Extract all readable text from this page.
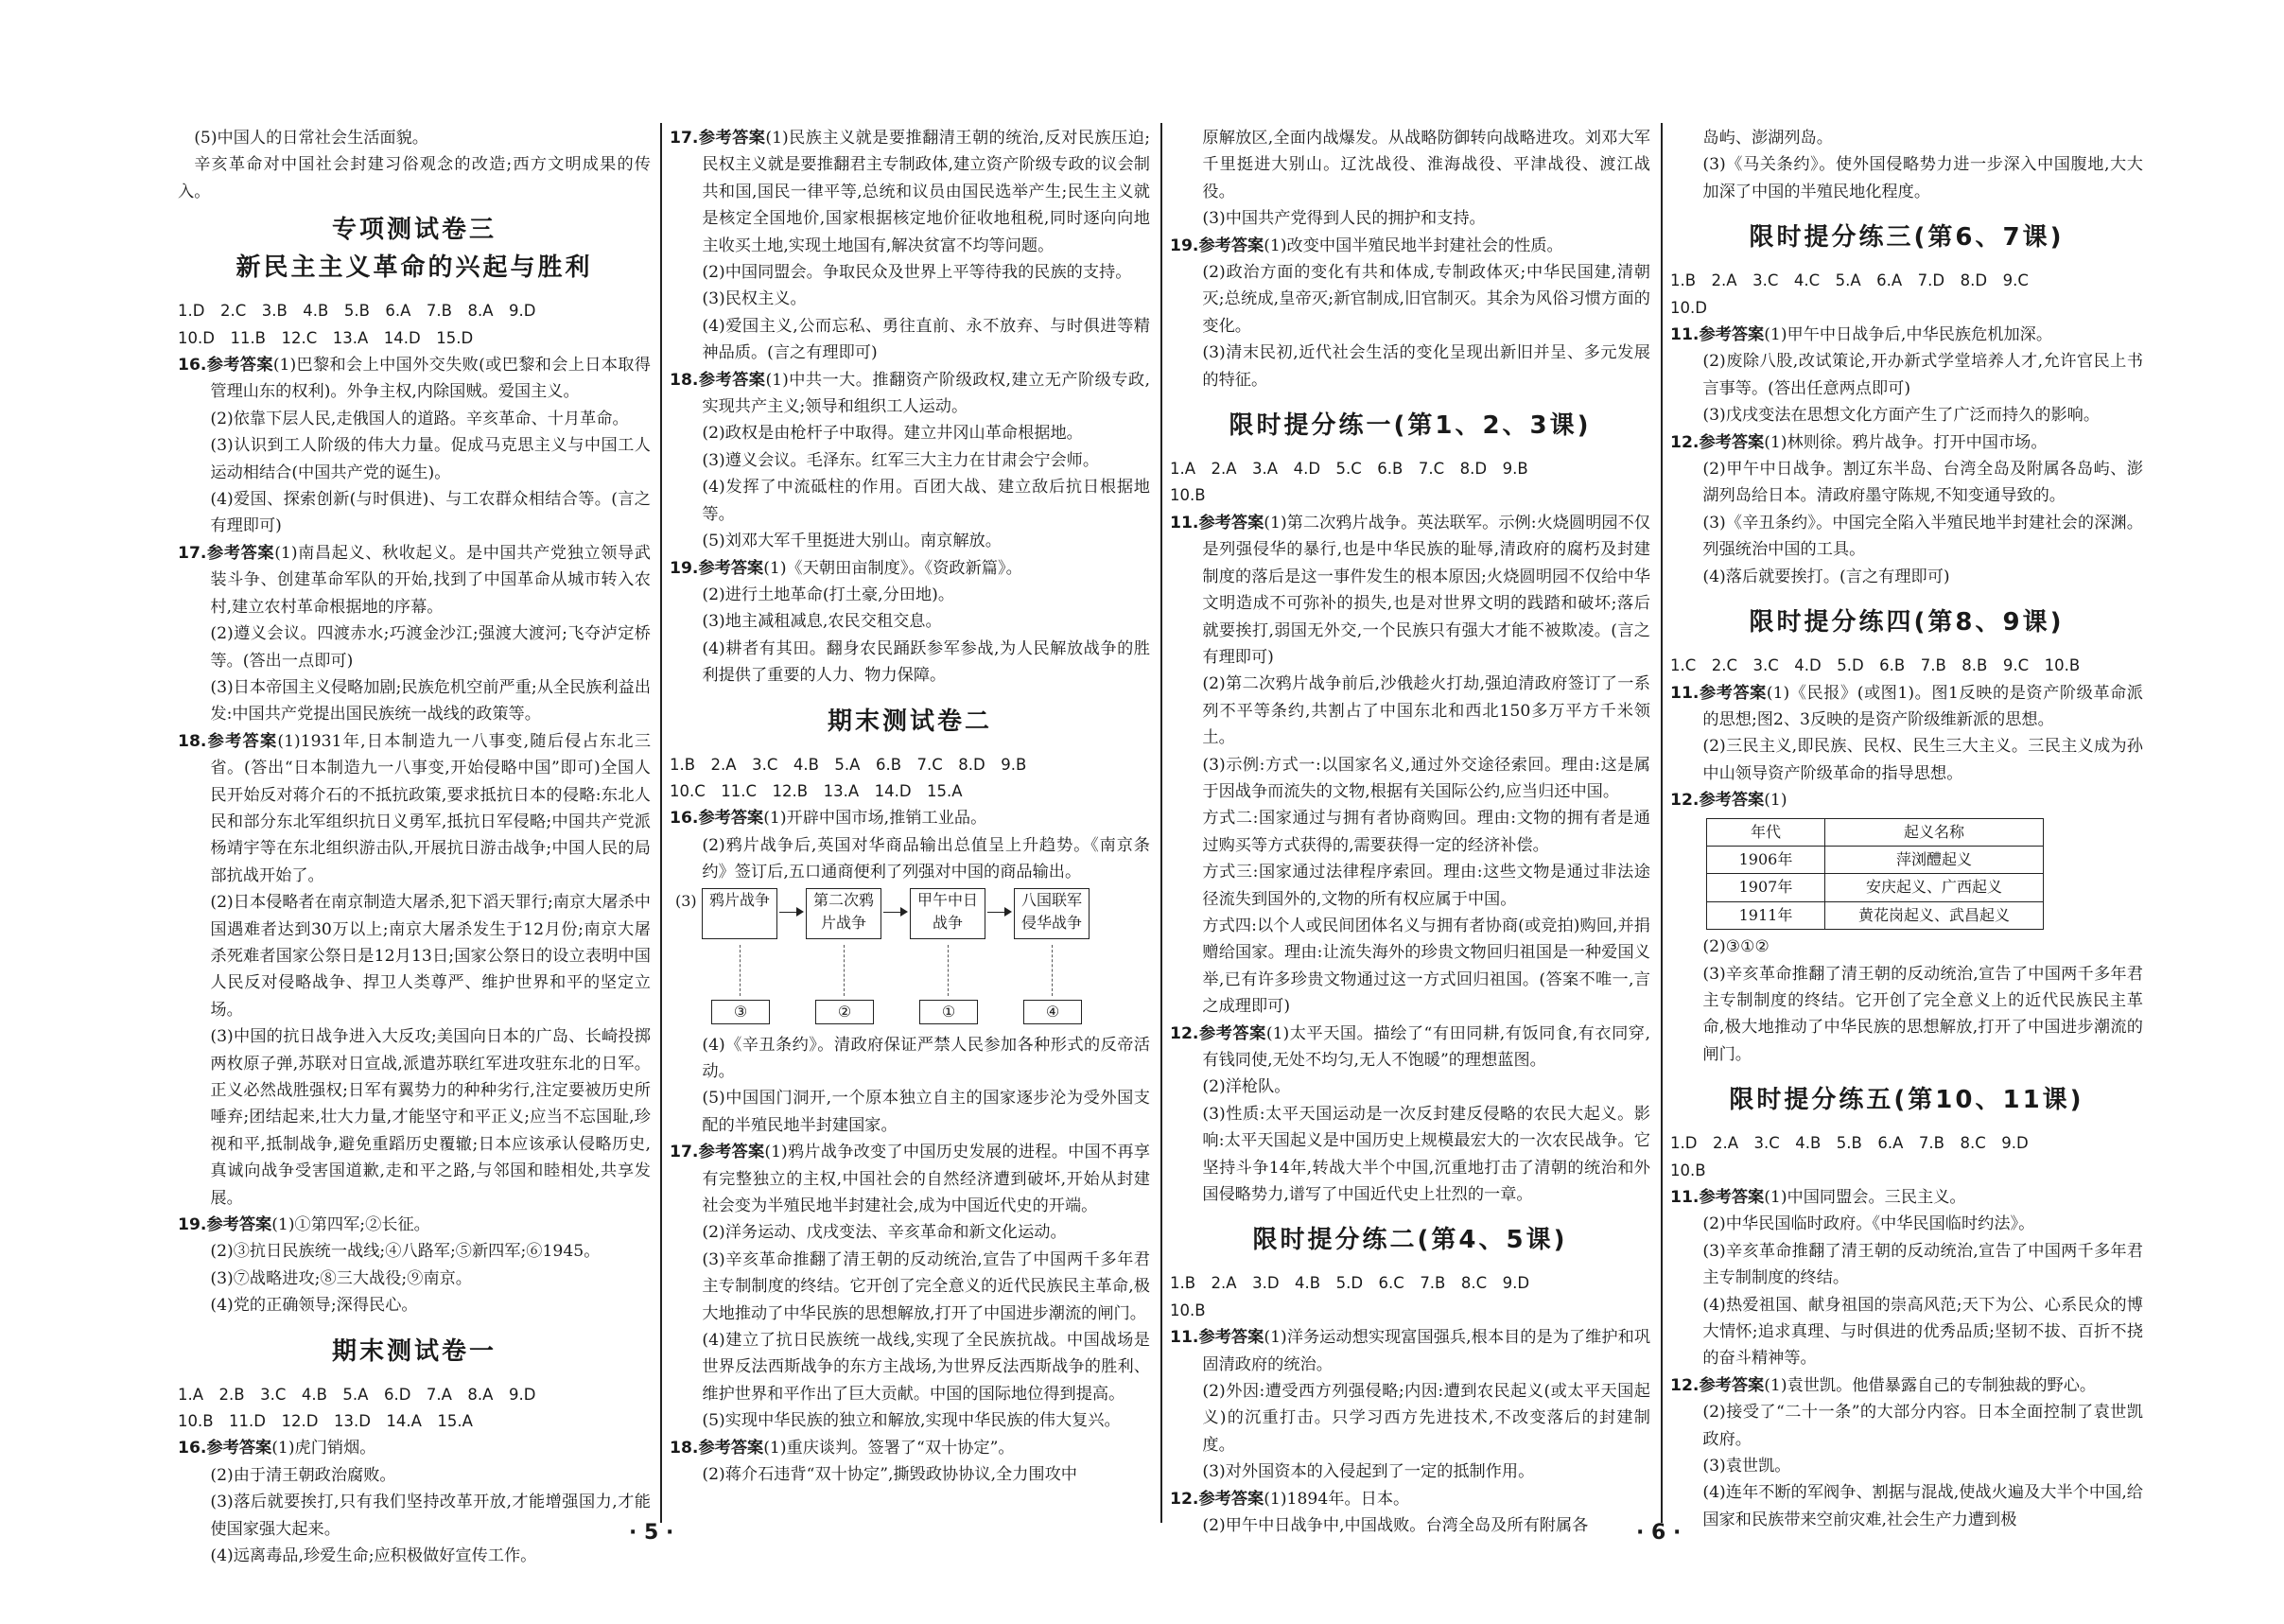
(5)中国人的日常社会生活面貌。

辛亥革命对中国社会封建习俗观念的改造;西方文明成果的传入。

专项测试卷三
新民主主义革命的兴起与胜利

1.D　2.C　3.B　4.B　5.B　6.A　7.B　8.A　9.D

10.D　11.B　12.C　13.A　14.D　15.D

16.参考答案(1)巴黎和会上中国外交失败(或巴黎和会上日本取得管理山东的权利)。外争主权,内除国贼。爱国主义。

(2)依靠下层人民,走俄国人的道路。辛亥革命、十月革命。

(3)认识到工人阶级的伟大力量。促成马克思主义与中国工人运动相结合(中国共产党的诞生)。

(4)爱国、探索创新(与时俱进)、与工农群众相结合等。(言之有理即可)

17.参考答案(1)南昌起义、秋收起义。是中国共产党独立领导武装斗争、创建革命军队的开始,找到了中国革命从城市转入农村,建立农村革命根据地的序幕。

(2)遵义会议。四渡赤水;巧渡金沙江;强渡大渡河;飞夺泸定桥等。(答出一点即可)

(3)日本帝国主义侵略加剧;民族危机空前严重;从全民族利益出发:中国共产党提出国民族统一战线的政策等。

18.参考答案(1)1931年,日本制造九一八事变,随后侵占东北三省。(答出“日本制造九一八事变,开始侵略中国”即可)全国人民开始反对蒋介石的不抵抗政策,要求抵抗日本的侵略:东北人民和部分东北军组织抗日义勇军,抵抗日军侵略;中国共产党派杨靖宇等在东北组织游击队,开展抗日游击战争;中国人民的局部抗战开始了。

(2)日本侵略者在南京制造大屠杀,犯下滔天罪行;南京大屠杀中国遇难者达到30万以上;南京大屠杀发生于12月份;南京大屠杀死难者国家公祭日是12月13日;国家公祭日的设立表明中国人民反对侵略战争、捍卫人类尊严、维护世界和平的坚定立场。

(3)中国的抗日战争进入大反攻;美国向日本的广岛、长崎投掷两枚原子弹,苏联对日宣战,派遣苏联红军进攻驻东北的日军。正义必然战胜强权;日军有翼势力的种种劣行,注定要被历史所唾弃;团结起来,壮大力量,才能坚守和平正义;应当不忘国耻,珍视和平,抵制战争,避免重蹈历史覆辙;日本应该承认侵略历史,真诚向战争受害国道歉,走和平之路,与邻国和睦相处,共享发展。

19.参考答案(1)①第四军;②长征。

(2)③抗日民族统一战线;④八路军;⑤新四军;⑥1945。

(3)⑦战略进攻;⑧三大战役;⑨南京。

(4)党的正确领导;深得民心。

期末测试卷一

1.A　2.B　3.C　4.B　5.A　6.D　7.A　8.A　9.D

10.B　11.D　12.D　13.D　14.A　15.A

16.参考答案(1)虎门销烟。

(2)由于清王朝政治腐败。

(3)落后就要挨打,只有我们坚持改革开放,才能增强国力,才能使国家强大起来。

(4)远离毒品,珍爱生命;应积极做好宣传工作。

17.参考答案(1)民族主义就是要推翻清王朝的统治,反对民族压迫;民权主义就是要推翻君主专制政体,建立资产阶级专政的议会制共和国,国民一律平等,总统和议员由国民选举产生;民生主义就是核定全国地价,国家根据核定地价征收地租税,同时逐向向地主收买土地,实现土地国有,解决贫富不均等问题。

(2)中国同盟会。争取民众及世界上平等待我的民族的支持。

(3)民权主义。

(4)爱国主义,公而忘私、勇往直前、永不放弃、与时俱进等精神品质。(言之有理即可)

18.参考答案(1)中共一大。推翻资产阶级政权,建立无产阶级专政,实现共产主义;领导和组织工人运动。

(2)政权是由枪杆子中取得。建立井冈山革命根据地。

(3)遵义会议。毛泽东。红军三大主力在甘肃会宁会师。

(4)发挥了中流砥柱的作用。百团大战、建立敌后抗日根据地等。

(5)刘邓大军千里挺进大别山。南京解放。

19.参考答案(1)《天朝田亩制度》。《资政新篇》。

(2)进行土地革命(打土豪,分田地)。

(3)地主减租减息,农民交租交息。

(4)耕者有其田。翻身农民踊跃参军参战,为人民解放战争的胜利提供了重要的人力、物力保障。

期末测试卷二

1.B　2.A　3.C　4.B　5.A　6.B　7.C　8.D　9.B

10.C　11.C　12.B　13.A　14.D　15.A

16.参考答案(1)开辟中国市场,推销工业品。

(2)鸦片战争后,英国对华商品输出总值呈上升趋势。《南京条约》签订后,五口通商便利了列强对中国的商品输出。

(3) 鸦片战争	第二次鸦片战争
甲午中日战争
八国联军侵华战争
③	②	①	④

(4)《辛丑条约》。清政府保证严禁人民参加各种形式的反帝活动。

(5)中国国门洞开,一个原本独立自主的国家逐步沦为受外国支配的半殖民地半封建国家。

17.参考答案(1)鸦片战争改变了中国历史发展的进程。中国不再享有完整独立的主权,中国社会的自然经济遭到破坏,开始从封建社会变为半殖民地半封建社会,成为中国近代史的开端。

(2)洋务运动、戊戌变法、辛亥革命和新文化运动。

(3)辛亥革命推翻了清王朝的反动统治,宣告了中国两千多年君主专制制度的终结。它开创了完全意义的近代民族民主革命,极大地推动了中华民族的思想解放,打开了中国进步潮流的闸门。

(4)建立了抗日民族统一战线,实现了全民族抗战。中国战场是世界反法西斯战争的东方主战场,为世界反法西斯战争的胜利、维护世界和平作出了巨大贡献。中国的国际地位得到提高。

(5)实现中华民族的独立和解放,实现中华民族的伟大复兴。

18.参考答案(1)重庆谈判。签署了“双十协定”。

(2)蒋介石违背“双十协定”,撕毁政协协议,全力围攻中

原解放区,全面内战爆发。从战略防御转向战略进攻。刘邓大军千里挺进大别山。辽沈战役、淮海战役、平津战役、渡江战役。

(3)中国共产党得到人民的拥护和支持。

19.参考答案(1)改变中国半殖民地半封建社会的性质。

(2)政治方面的变化有共和体成,专制政体灭;中华民国建,清朝灭;总统成,皇帝灭;新官制成,旧官制灭。其余为风俗习惯方面的变化。

(3)清末民初,近代社会生活的变化呈现出新旧并呈、多元发展的特征。

限时提分练一(第1、2、3课)

1.A　2.A　3.A　4.D　5.C　6.B　7.C　8.D　9.B

10.B

11.参考答案(1)第二次鸦片战争。英法联军。示例:火烧圆明园不仅是列强侵华的暴行,也是中华民族的耻辱,清政府的腐朽及封建制度的落后是这一事件发生的根本原因;火烧圆明园不仅给中华文明造成不可弥补的损失,也是对世界文明的践踏和破坏;落后就要挨打,弱国无外交,一个民族只有强大才能不被欺凌。(言之有理即可)

(2)第二次鸦片战争前后,沙俄趁火打劫,强迫清政府签订了一系列不平等条约,共割占了中国东北和西北150多万平方千米领土。

(3)示例:方式一:以国家名义,通过外交途径索回。理由:这是属于因战争而流失的文物,根据有关国际公约,应当归还中国。

方式二:国家通过与拥有者协商购回。理由:文物的拥有者是通过购买等方式获得的,需要获得一定的经济补偿。

方式三:国家通过法律程序索回。理由:这些文物是通过非法途径流失到国外的,文物的所有权应属于中国。

方式四:以个人或民间团体名义与拥有者协商(或竞拍)购回,并捐赠给国家。理由:让流失海外的珍贵文物回归祖国是一种爱国义举,已有许多珍贵文物通过这一方式回归祖国。(答案不唯一,言之成理即可)

12.参考答案(1)太平天国。描绘了“有田同耕,有饭同食,有衣同穿,有钱同使,无处不均匀,无人不饱暖”的理想蓝图。

(2)洋枪队。

(3)性质:太平天国运动是一次反封建反侵略的农民大起义。影响:太平天国起义是中国历史上规模最宏大的一次农民战争。它坚持斗争14年,转战大半个中国,沉重地打击了清朝的统治和外国侵略势力,谱写了中国近代史上壮烈的一章。

限时提分练二(第4、5课)

1.B　2.A　3.D　4.B　5.D　6.C　7.B　8.C　9.D

10.B

11.参考答案(1)洋务运动想实现富国强兵,根本目的是为了维护和巩固清政府的统治。

(2)外因:遭受西方列强侵略;内因:遭到农民起义(或太平天国起义)的沉重打击。只学习西方先进技术,不改变落后的封建制度。

(3)对外国资本的入侵起到了一定的抵制作用。

12.参考答案(1)1894年。日本。

(2)甲午中日战争中,中国战败。台湾全岛及所有附属各

岛屿、澎湖列岛。

(3)《马关条约》。使外国侵略势力进一步深入中国腹地,大大加深了中国的半殖民地化程度。

限时提分练三(第6、7课)

1.B　2.A　3.C　4.C　5.A　6.A　7.D　8.D　9.C

10.D

11.参考答案(1)甲午中日战争后,中华民族危机加深。

(2)废除八股,改试策论,开办新式学堂培养人才,允许官民上书言事等。(答出任意两点即可)

(3)戊戌变法在思想文化方面产生了广泛而持久的影响。

12.参考答案(1)林则徐。鸦片战争。打开中国市场。

(2)甲午中日战争。割辽东半岛、台湾全岛及附属各岛屿、澎湖列岛给日本。清政府墨守陈规,不知变通导致的。

(3)《辛丑条约》。中国完全陷入半殖民地半封建社会的深渊。列强统治中国的工具。

(4)落后就要挨打。(言之有理即可)

限时提分练四(第8、9课)

1.C　2.C　3.C　4.D　5.D　6.B　7.B　8.B　9.C　10.B

11.参考答案(1)《民报》(或图1)。图1反映的是资产阶级革命派的思想;图2、3反映的是资产阶级维新派的思想。

(2)三民主义,即民族、民权、民生三大主义。三民主义成为孙中山领导资产阶级革命的指导思想。

12.参考答案(1)

年代	起义名称
1906年	萍浏醴起义
1907年	安庆起义、广西起义
1911年	黄花岗起义、武昌起义

(2)③①②

(3)辛亥革命推翻了清王朝的反动统治,宣告了中国两千多年君主专制制度的终结。它开创了完全意义上的近代民族民主革命,极大地推动了中华民族的思想解放,打开了中国进步潮流的闸门。

限时提分练五(第10、11课)

1.D　2.A　3.C　4.B　5.B　6.A　7.B　8.C　9.D

10.B

11.参考答案(1)中国同盟会。三民主义。

(2)中华民国临时政府。《中华民国临时约法》。

(3)辛亥革命推翻了清王朝的反动统治,宣告了中国两千多年君主专制制度的终结。

(4)热爱祖国、献身祖国的崇高风范;天下为公、心系民众的博大情怀;追求真理、与时俱进的优秀品质;坚韧不拔、百折不挠的奋斗精神等。

12.参考答案(1)袁世凯。他借暴露自己的专制独裁的野心。

(2)接受了“二十一条”的大部分内容。日本全面控制了袁世凯政府。

(3)袁世凯。

(4)连年不断的军阀争、割据与混战,使战火遍及大半个中国,给国家和民族带来空前灾难,社会生产力遭到极

· 5 ·	· 6 ·
